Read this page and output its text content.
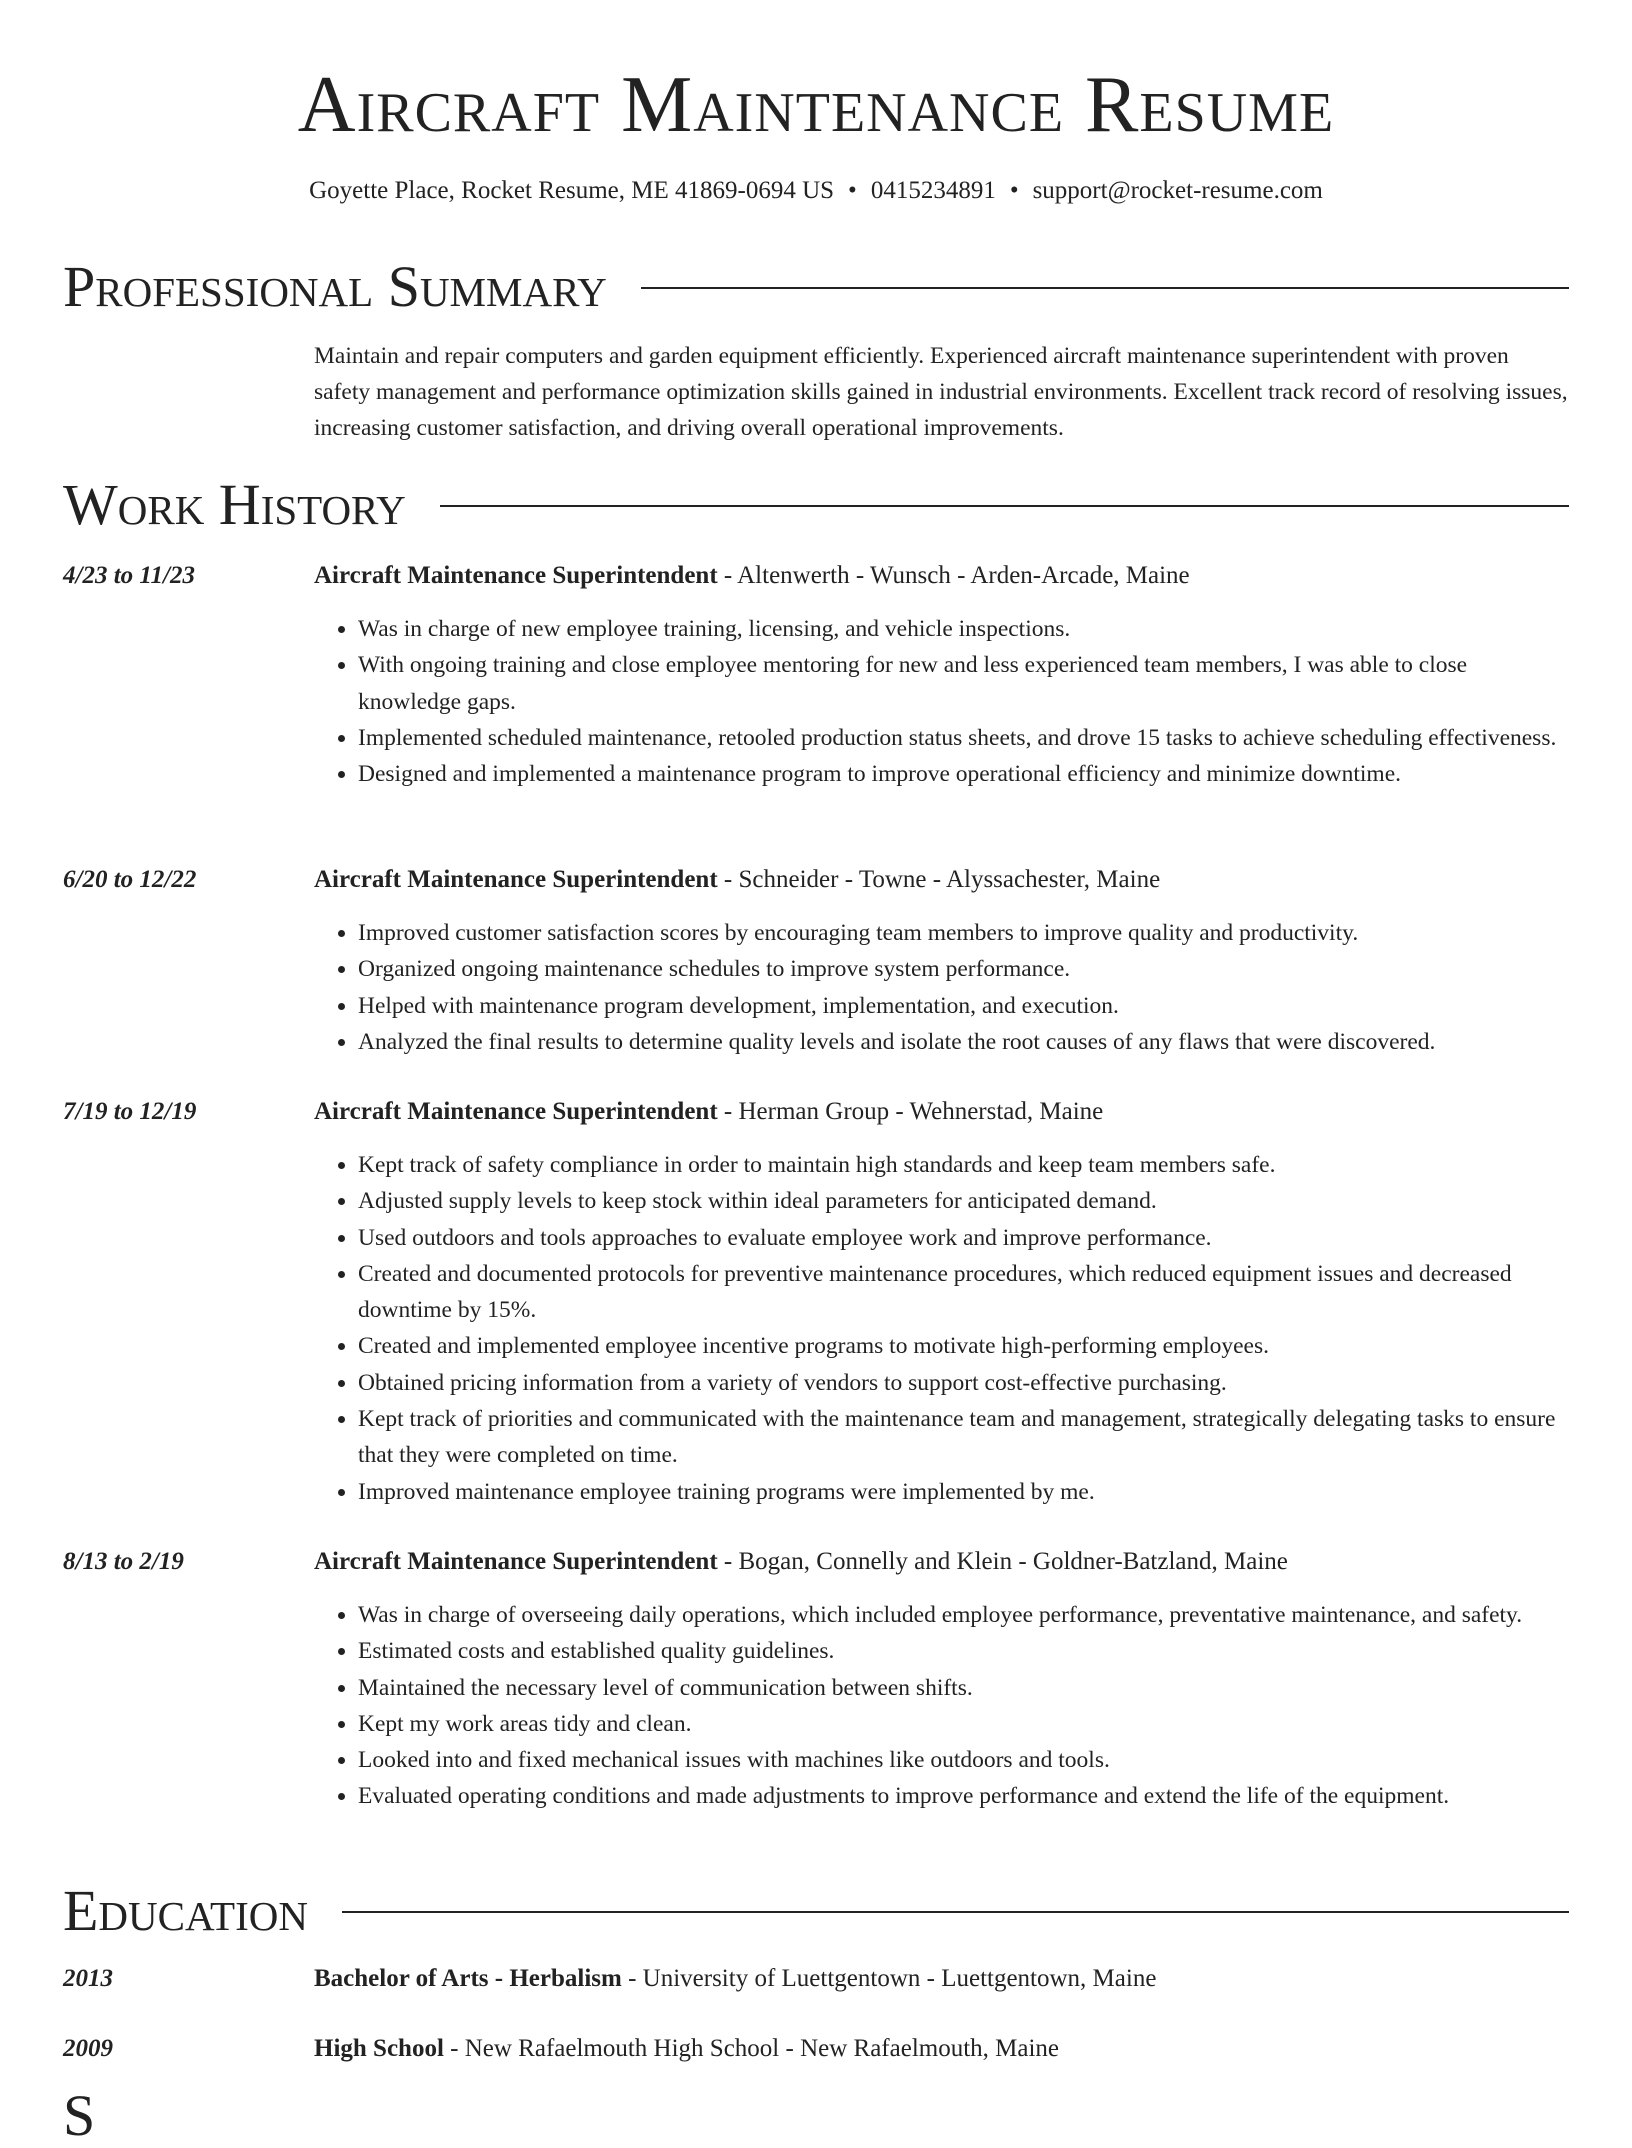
Aircraft Maintenance Resume
Goyette Place, Rocket Resume, ME 41869-0694 US • 0415234891 • support@rocket-resume.com
Professional Summary
Maintain and repair computers and garden equipment efficiently. Experienced aircraft maintenance superintendent with proven safety management and performance optimization skills gained in industrial environments. Excellent track record of resolving issues, increasing customer satisfaction, and driving overall operational improvements.
Work History
4/23 to 11/23	Aircraft Maintenance Superintendent - Altenwerth - Wunsch - Arden-Arcade, Maine
• Was in charge of new employee training, licensing, and vehicle inspections.
• With ongoing training and close employee mentoring for new and less experienced team members, I was able to close knowledge gaps.
• Implemented scheduled maintenance, retooled production status sheets, and drove 15 tasks to achieve scheduling effectiveness.
• Designed and implemented a maintenance program to improve operational efficiency and minimize downtime.
6/20 to 12/22	Aircraft Maintenance Superintendent - Schneider - Towne - Alyssachester, Maine
• Improved customer satisfaction scores by encouraging team members to improve quality and productivity.
• Organized ongoing maintenance schedules to improve system performance.
• Helped with maintenance program development, implementation, and execution.
• Analyzed the final results to determine quality levels and isolate the root causes of any flaws that were discovered.
7/19 to 12/19	Aircraft Maintenance Superintendent - Herman Group - Wehnerstad, Maine
• Kept track of safety compliance in order to maintain high standards and keep team members safe.
• Adjusted supply levels to keep stock within ideal parameters for anticipated demand.
• Used outdoors and tools approaches to evaluate employee work and improve performance.
• Created and documented protocols for preventive maintenance procedures, which reduced equipment issues and decreased downtime by 15%.
• Created and implemented employee incentive programs to motivate high-performing employees.
• Obtained pricing information from a variety of vendors to support cost-effective purchasing.
• Kept track of priorities and communicated with the maintenance team and management, strategically delegating tasks to ensure that they were completed on time.
• Improved maintenance employee training programs were implemented by me.
8/13 to 2/19	Aircraft Maintenance Superintendent - Bogan, Connelly and Klein - Goldner-Batzland, Maine
• Was in charge of overseeing daily operations, which included employee performance, preventative maintenance, and safety.
• Estimated costs and established quality guidelines.
• Maintained the necessary level of communication between shifts.
• Kept my work areas tidy and clean.
• Looked into and fixed mechanical issues with machines like outdoors and tools.
• Evaluated operating conditions and made adjustments to improve performance and extend the life of the equipment.
Education
2013	Bachelor of Arts - Herbalism - University of Luettgentown - Luettgentown, Maine
2009	High School - New Rafaelmouth High School - New Rafaelmouth, Maine
S
